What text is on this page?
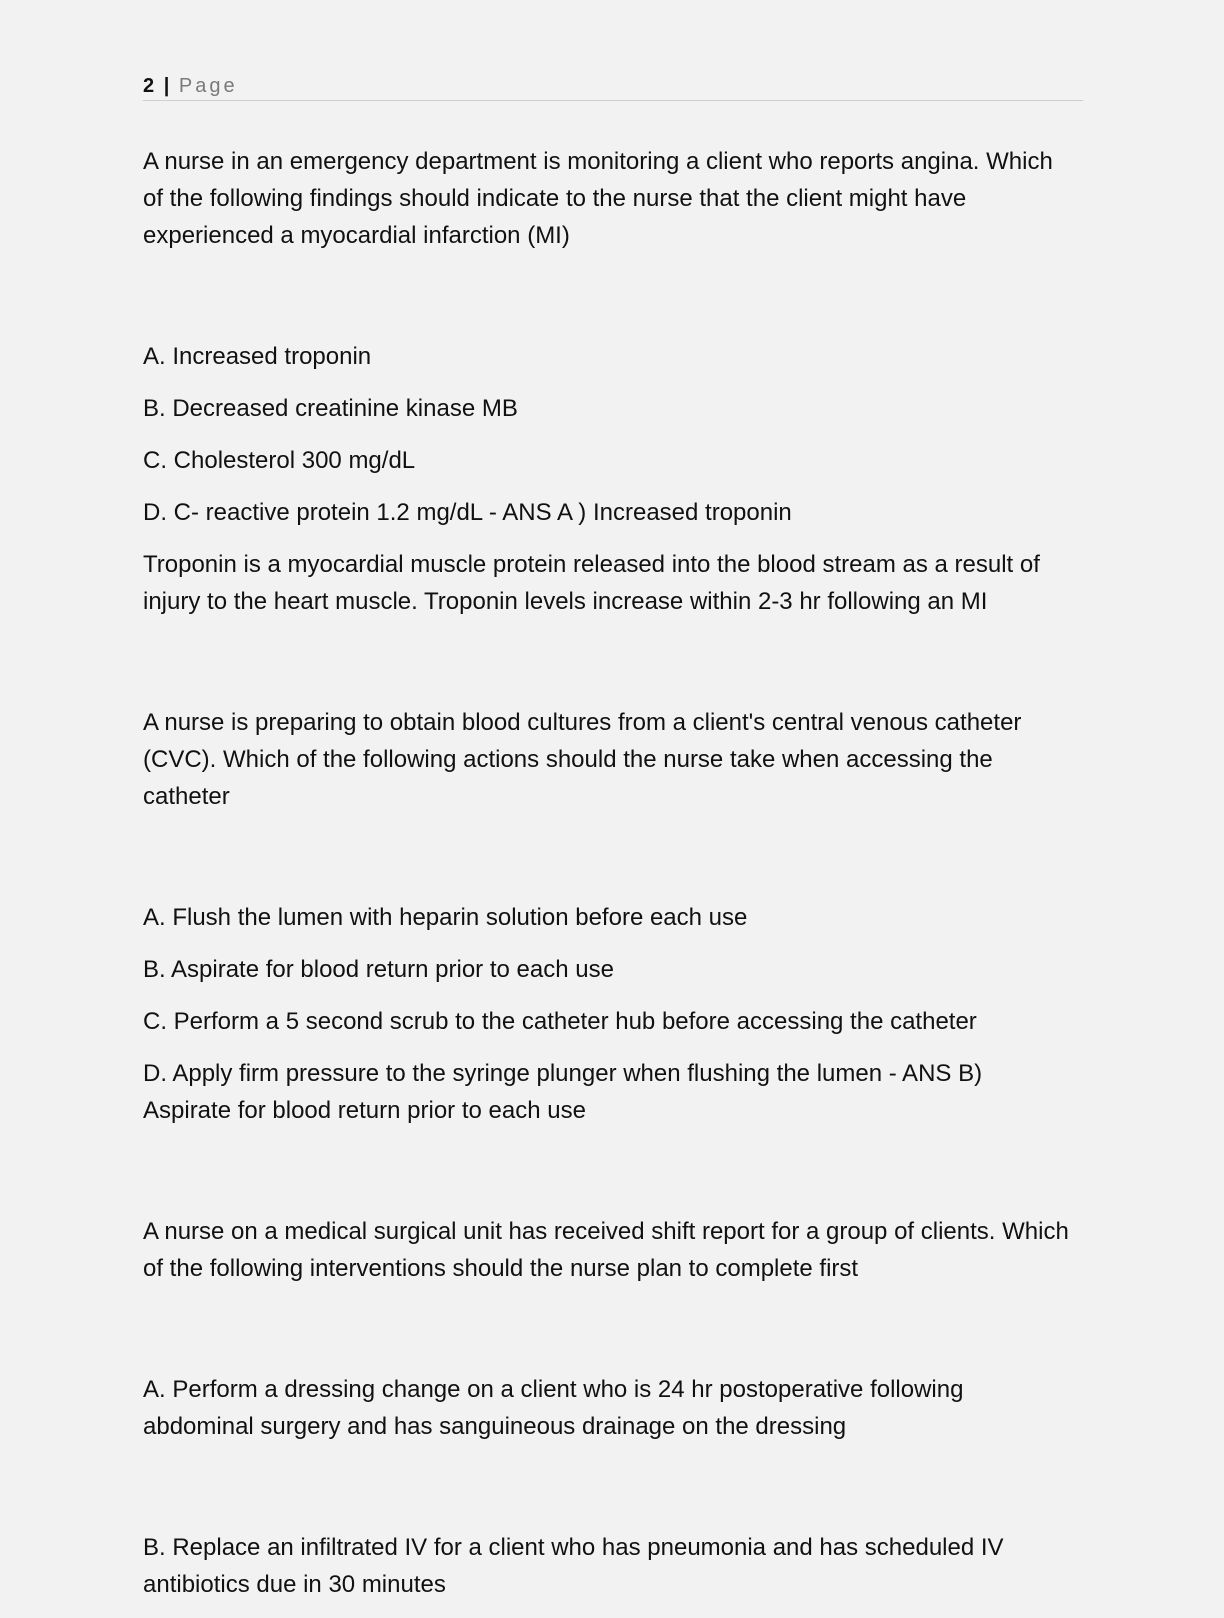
2 | Page

A nurse in an emergency department is monitoring a client who reports angina. Which of the following findings should indicate to the nurse that the client might have experienced a myocardial infarction (MI)

A. Increased troponin

B. Decreased creatinine kinase MB

C. Cholesterol 300 mg/dL

D. C- reactive protein 1.2 mg/dL - ANS A ) Increased troponin

Troponin is a myocardial muscle protein released into the blood stream as a result of injury to the heart muscle. Troponin levels increase within 2-3 hr following an MI

A nurse is preparing to obtain blood cultures from a client's central venous catheter (CVC). Which of the following actions should the nurse take when accessing the catheter

A. Flush the lumen with heparin solution before each use

B. Aspirate for blood return prior to each use

C. Perform a 5 second scrub to the catheter hub before accessing the catheter

D. Apply firm pressure to the syringe plunger when flushing the lumen - ANS B) Aspirate for blood return prior to each use

A nurse on a medical surgical unit has received shift report for a group of clients. Which of the following interventions should the nurse plan to complete first

A. Perform a dressing change on a client who is 24 hr postoperative following abdominal surgery and has sanguineous drainage on the dressing

B. Replace an infiltrated IV for a client who has pneumonia and has scheduled IV antibiotics due in 30 minutes
